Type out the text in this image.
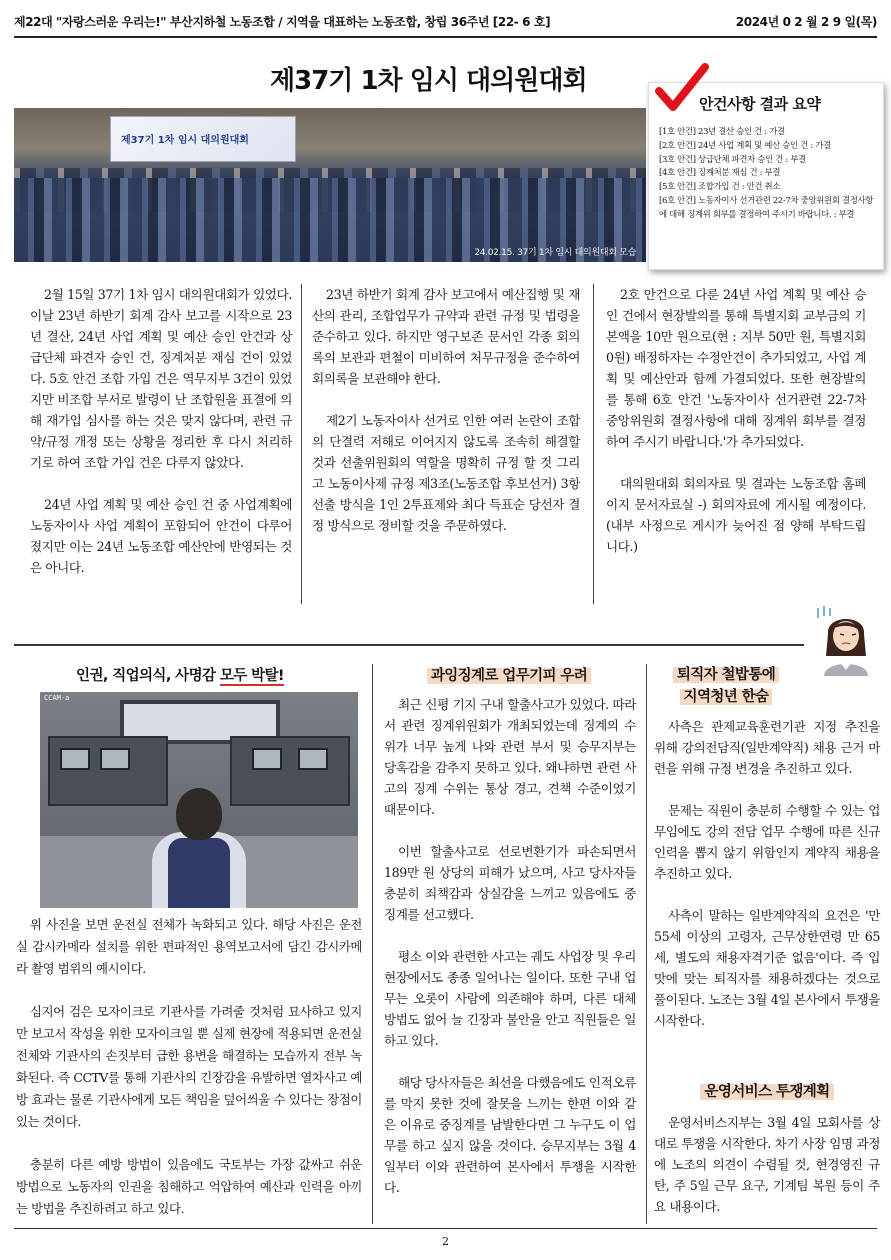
제22대 "자랑스러운 우리는!" 부산지하철 노동조합 / 지역을 대표하는 노동조합, 창립 36주년 [22- 6 호]	2024년 0 2 월 2 9 일(목)
제37기 1차 임시 대의원대회
제37기 1차 임시 대의원대회
24.02.15. 37기 1차 임시 대의원대회 모습
안건사항 결과 요약
[1호 안건] 23년 결산 승인 건 : 가결
[2호 안건] 24년 사업 계획 및 예산 승인 건 : 가결
[3호 안건] 상급단체 파견자 승인 건 : 부결
[4호 안건] 징계처분 재심 건 : 부결
[5호 안건] 조합가입 건 : 안건 취소
[6호 안건] 노동자이사 선거관련 22-7차 중앙위원회 결정사항에 대해 징계위 회부를 결정하여 주시기 바랍니다. : 부결

2월 15일 37기 1차 임시 대의원대회가 있었다. 이날 23년 하반기 회계 감사 보고를 시작으로 23년 결산, 24년 사업 계획 및 예산 승인 안건과 상급단체 파견자 승인 건, 징계처분 재심 건이 있었다. 5호 안건 조합 가입 건은 역무지부 3건이 있었지만 비조합 부서로 발령이 난 조합원을 표결에 의해 재가입 심사를 하는 것은 맞지 않다며, 관련 규약/규정 개정 또는 상황을 정리한 후 다시 처리하기로 하여 조합 가입 건은 다루지 않았다.

24년 사업 계획 및 예산 승인 건 중 사업계획에 노동자이사 사업 계획이 포함되어 안건이 다루어졌지만 이는 24년 노동조합 예산안에 반영되는 것은 아니다.

23년 하반기 회계 감사 보고에서 예산집행 및 재산의 관리, 조합업무가 규약과 관련 규정 및 법령을 준수하고 있다. 하지만 영구보존 문서인 각종 회의록의 보관과 편철이 미비하여 처무규정을 준수하여 회의록을 보관해야 한다.

제2기 노동자이사 선거로 인한 여러 논란이 조합의 단결력 저해로 이어지지 않도록 조속히 해결할 것과 선출위원회의 역할을 명확히 규정 할 것 그리고 노동이사제 규정 제3조(노동조합 후보선거) 3항 선출 방식을 1인 2투표제와 최다 득표순 당선자 결정 방식으로 정비할 것을 주문하였다.

2호 안건으로 다룬 24년 사업 계획 및 예산 승인 건에서 현장발의를 통해 특별지회 교부금의 기본액을 10만 원으로(현 : 지부 50만 원, 특별지회 0원) 배정하자는 수정안건이 추가되었고, 사업 계획 및 예산안과 함께 가결되었다. 또한 현장발의를 통해 6호 안건 '노동자이사 선거관련 22-7차 중앙위원회 결정사항에 대해 징계위 회부를 결정하여 주시기 바랍니다.'가 추가되었다.

대의원대회 회의자료 및 결과는 노동조합 홈페이지 문서자료실 -) 회의자료에 게시될 예정이다.(내부 사정으로 게시가 늦어진 점 양해 부탁드립니다.)

인권, 직업의식, 사명감 모두 박탈!
CCAM-a

위 사진을 보면 운전실 전체가 녹화되고 있다. 해당 사진은 운전실 감시카메라 설치를 위한 편파적인 용역보고서에 담긴 감시카메라 촬영 범위의 예시이다.

심지어 검은 모자이크로 기관사를 가려줄 것처럼 묘사하고 있지만 보고서 작성을 위한 모자이크일 뿐 실제 현장에 적용되면 운전실 전체와 기관사의 손짓부터 급한 용변을 해결하는 모습까지 전부 녹화된다. 즉 CCTV를 통해 기관사의 긴장감을 유발하면 열차사고 예방 효과는 물론 기관사에게 모든 책임을 덮어씌울 수 있다는 장점이 있는 것이다.

충분히 다른 예방 방법이 있음에도 국토부는 가장 값싸고 쉬운 방법으로 노동자의 인권을 침해하고 억압하여 예산과 인력을 아끼는 방법을 추진하려고 하고 있다.

과잉징계로 업무기피 우려

최근 신평 기지 구내 할출사고가 있었다. 따라서 관련 징계위원회가 개최되었는데 징계의 수위가 너무 높게 나와 관련 부서 및 승무지부는 당혹감을 감추지 못하고 있다. 왜냐하면 관련 사고의 징계 수위는 통상 경고, 견책 수준이었기 때문이다.

이번 할출사고로 선로변환기가 파손되면서 189만 원 상당의 피해가 났으며, 사고 당사자들 충분히 죄책감과 상실감을 느끼고 있음에도 중징계를 선고했다.

평소 이와 관련한 사고는 궤도 사업장 및 우리 현장에서도 종종 일어나는 일이다. 또한 구내 업무는 오롯이 사람에 의존해야 하며, 다른 대체 방법도 없어 늘 긴장과 불안을 안고 직원들은 일하고 있다.

해당 당사자들은 최선을 다했음에도 인적오류를 막지 못한 것에 잘못을 느끼는 한편 이와 같은 이유로 중징계를 남발한다면 그 누구도 이 업무를 하고 싶지 않을 것이다. 승무지부는 3월 4일부터 이와 관련하여 본사에서 투쟁을 시작한다.

퇴직자 철밥통에
지역청년 한숨

사측은 관제교육훈련기관 지정 추진을 위해 강의전담직(일반계약직) 채용 근거 마련을 위해 규정 변경을 추진하고 있다.

문제는 직원이 충분히 수행할 수 있는 업무임에도 강의 전담 업무 수행에 따른 신규 인력을 뽑지 않기 위함인지 계약직 채용을 추진하고 있다.

사측이 말하는 일반계약직의 요건은 '만 55세 이상의 고령자, 근무상한연령 만 65세, 별도의 채용자격기준 없음'이다. 즉 입맛에 맞는 퇴직자를 채용하겠다는 것으로 풀이된다. 노조는 3월 4일 본사에서 투쟁을 시작한다.

운영서비스 투쟁계획

운영서비스지부는 3월 4일 모회사를 상대로 투쟁을 시작한다. 차기 사장 임명 과정에 노조의 의견이 수렴될 것, 현경영진 규탄, 주 5일 근무 요구, 기계팀 복원 등이 주요 내용이다.

2
